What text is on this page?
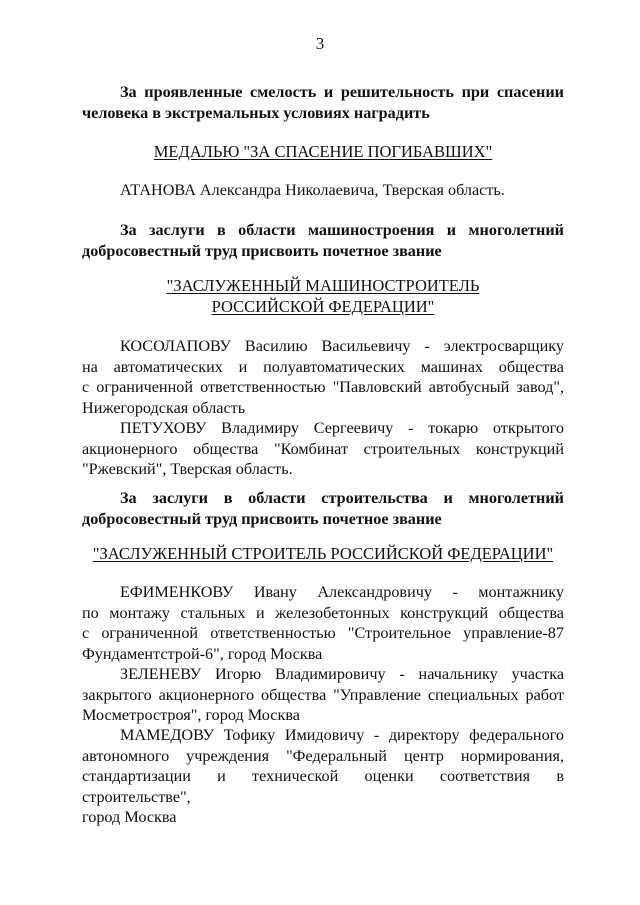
3
За проявленные смелость и решительность при спасении
человека в экстремальных условиях наградить
МЕДАЛЬЮ "ЗА СПАСЕНИЕ ПОГИБАВШИХ"
АТАНОВА Александра Николаевича, Тверская область.
За заслуги в области машиностроения и многолетний
добросовестный труд присвоить почетное звание
"ЗАСЛУЖЕННЫЙ МАШИНОСТРОИТЕЛЬ
РОССИЙСКОЙ ФЕДЕРАЦИИ"
КОСОЛАПОВУ Василию Васильевичу - электросварщику
на автоматических и полуавтоматических машинах общества
с ограниченной ответственностью "Павловский автобусный завод",
Нижегородская область
ПЕТУХОВУ Владимиру Сергеевичу - токарю открытого
акционерного общества "Комбинат строительных конструкций
"Ржевский", Тверская область.
За заслуги в области строительства и многолетний
добросовестный труд присвоить почетное звание
"ЗАСЛУЖЕННЫЙ СТРОИТЕЛЬ РОССИЙСКОЙ ФЕДЕРАЦИИ"
ЕФИМЕНКОВУ Ивану Александровичу - монтажнику
по монтажу стальных и железобетонных конструкций общества
с ограниченной ответственностью "Строительное управление-87
Фундаментстрой-6", город Москва
ЗЕЛЕНЕВУ Игорю Владимировичу - начальнику участка
закрытого акционерного общества "Управление специальных работ
Мосметростроя", город Москва
МАМЕДОВУ Тофику Имидовичу - директору федерального
автономного учреждения "Федеральный центр нормирования,
стандартизации и технической оценки соответствия в строительстве",
город Москва
